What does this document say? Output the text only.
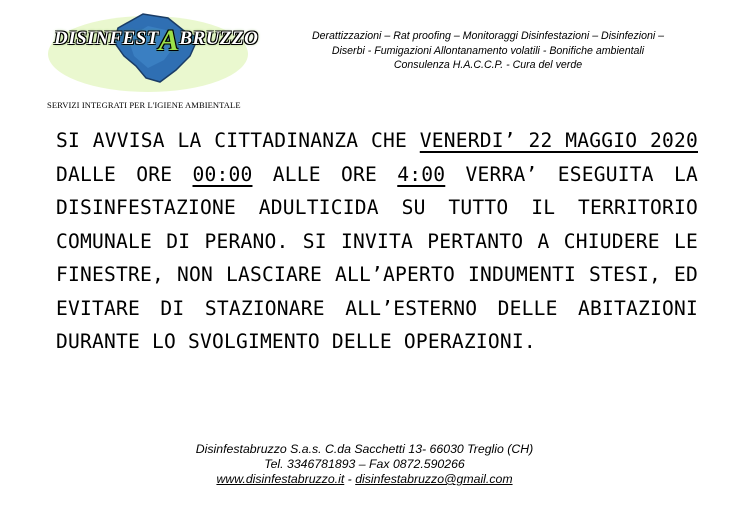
DISINFESTABRUZZO
SERVIZI INTEGRATI PER L'IGIENE AMBIENTALE
Derattizzazioni – Rat proofing – Monitoraggi Disinfestazioni – Disinfezioni –
Diserbi - Fumigazioni Allontanamento volatili - Bonifiche ambientali
Consulenza H.A.C.C.P. - Cura del verde
SI AVVISA LA CITTADINANZA CHE VENERDI’ 22 MAGGIO 2020 DALLE ORE 00:00 ALLE ORE 4:00 VERRA’ ESEGUITA LA DISINFESTAZIONE ADULTICIDA SU TUTTO IL TERRITORIO COMUNALE DI PERANO. SI INVITA PERTANTO A CHIUDERE LE FINESTRE, NON LASCIARE ALL’APERTO INDUMENTI STESI, ED EVITARE DI STAZIONARE ALL’ESTERNO DELLE ABITAZIONI DURANTE LO SVOLGIMENTO DELLE OPERAZIONI.
Disinfestabruzzo S.a.s. C.da Sacchetti 13- 66030 Treglio (CH)
Tel. 3346781893 – Fax 0872.590266
www.disinfestabruzzo.it - disinfestabruzzo@gmail.com
